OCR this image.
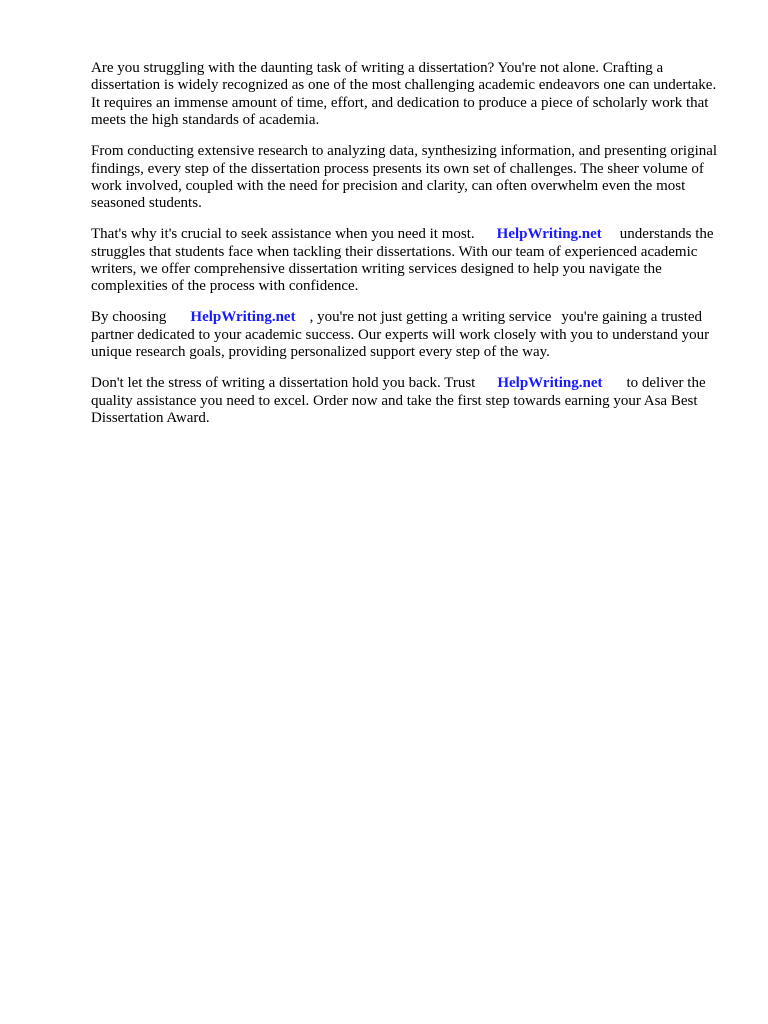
Are you struggling with the daunting task of writing a dissertation? You're not alone. Crafting a dissertation is widely recognized as one of the most challenging academic endeavors one can undertake. It requires an immense amount of time, effort, and dedication to produce a piece of scholarly work that meets the high standards of academia.

From conducting extensive research to analyzing data, synthesizing information, and presenting original findings, every step of the dissertation process presents its own set of challenges. The sheer volume of work involved, coupled with the need for precision and clarity, can often overwhelm even the most seasoned students.

That's why it's crucial to seek assistance when you need it most. HelpWriting.net understands the struggles that students face when tackling their dissertations. With our team of experienced academic writers, we offer comprehensive dissertation writing services designed to help you navigate the complexities of the process with confidence.

By choosing HelpWriting.net , you're not just getting a writing service you're gaining a trusted partner dedicated to your academic success. Our experts will work closely with you to understand your unique research goals, providing personalized support every step of the way.

Don't let the stress of writing a dissertation hold you back. Trust HelpWriting.net to deliver the quality assistance you need to excel. Order now and take the first step towards earning your Asa Best Dissertation Award.
